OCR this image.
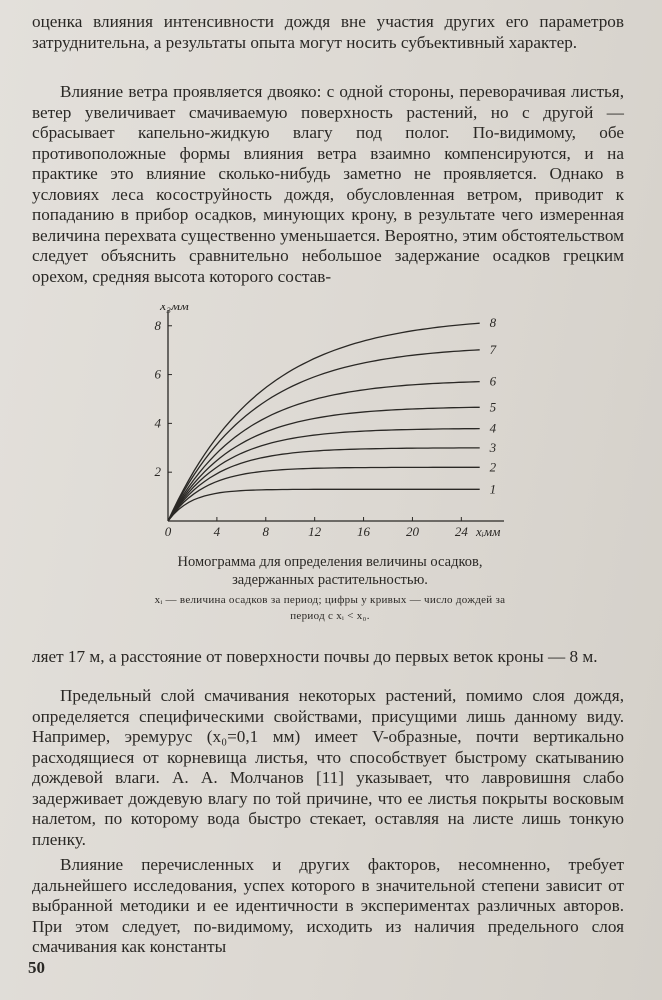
оценка влияния интенсивности дождя вне участия других его параметров затруднительна, а результаты опыта могут носить субъективный характер.

Влияние ветра проявляется двояко: с одной стороны, переворачивая листья, ветер увеличивает смачиваемую поверхность растений, но с другой — сбрасывает капельно-жидкую влагу под полог. По-видимому, обе противоположные формы влияния ветра взаимно компенсируются, и на практике это влияние сколько-нибудь заметно не проявляется. Однако в условиях леса косоструйность дождя, обусловленная ветром, приводит к попаданию в прибор осадков, минующих крону, в результате чего измеренная величина перехвата существенно уменьшается. Вероятно, этим обстоятельством следует объяснить сравнительно небольшое задержание осадков грецким орехом, средняя высота которого состав-

0	4	8	12	16	20	24
2
4
6
8
x₃мм
xᵢмм
1
2
3
4
5
6
7
8

Номограмма для определения величины осадков, задержанных растительностью.

xᵢ — величина осадков за период; цифры у кривых — число дождей за период с xᵢ < x₀.

ляет 17 м, а расстояние от поверхности почвы до первых веток кроны — 8 м.

Предельный слой смачивания некоторых растений, помимо слоя дождя, определяется специфическими свойствами, присущими лишь данному виду. Например, эремурус (x₀=0,1 мм) имеет V-образные, почти вертикально расходящиеся от корневища листья, что способствует быстрому скатыванию дождевой влаги. А. А. Молчанов [11] указывает, что лавровишня слабо задерживает дождевую влагу по той причине, что ее листья покрыты восковым налетом, по которому вода быстро стекает, оставляя на листе лишь тонкую пленку.

Влияние перечисленных и других факторов, несомненно, требует дальнейшего исследования, успех которого в значительной степени зависит от выбранной методики и ее идентичности в экспериментах различных авторов. При этом следует, по-видимому, исходить из наличия предельного слоя смачивания как константы

50
